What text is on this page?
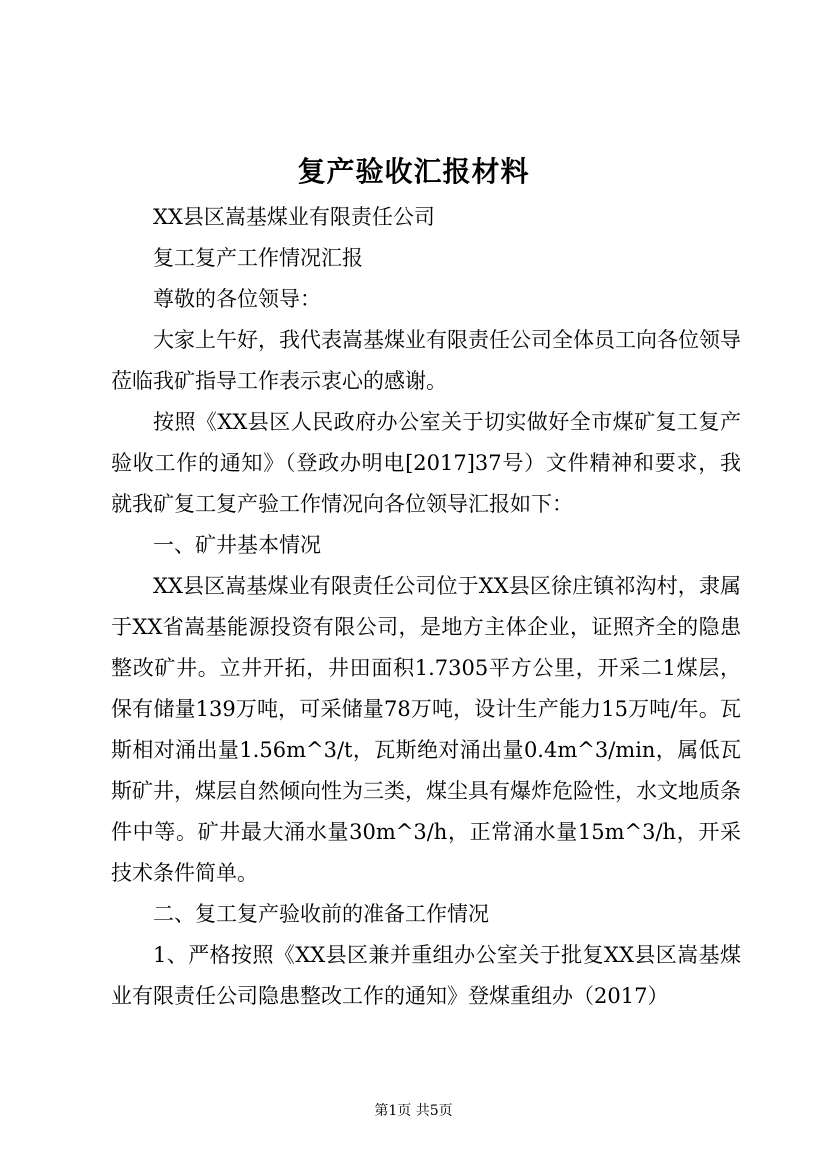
复产验收汇报材料

XX县区嵩基煤业有限责任公司

复工复产工作情况汇报

尊敬的各位领导：

大家上午好，我代表嵩基煤业有限责任公司全体员工向各位领导莅临我矿指导工作表示衷心的感谢。

按照《XX县区人民政府办公室关于切实做好全市煤矿复工复产验收工作的通知》（登政办明电[2017]37号）文件精神和要求，我就我矿复工复产验工作情况向各位领导汇报如下：

一、矿井基本情况

XX县区嵩基煤业有限责任公司位于XX县区徐庄镇祁沟村，隶属于XX省嵩基能源投资有限公司，是地方主体企业，证照齐全的隐患整改矿井。立井开拓，井田面积1.7305平方公里，开采二1煤层，保有储量139万吨，可采储量78万吨，设计生产能力15万吨/年。瓦斯相对涌出量1.56m^3/t，瓦斯绝对涌出量0.4m^3/min，属低瓦斯矿井，煤层自然倾向性为三类，煤尘具有爆炸危险性，水文地质条件中等。矿井最大涌水量30m^3/h，正常涌水量15m^3/h，开采技术条件简单。

二、复工复产验收前的准备工作情况

1、严格按照《XX县区兼并重组办公室关于批复XX县区嵩基煤业有限责任公司隐患整改工作的通知》登煤重组办（2017）

第1页 共5页
